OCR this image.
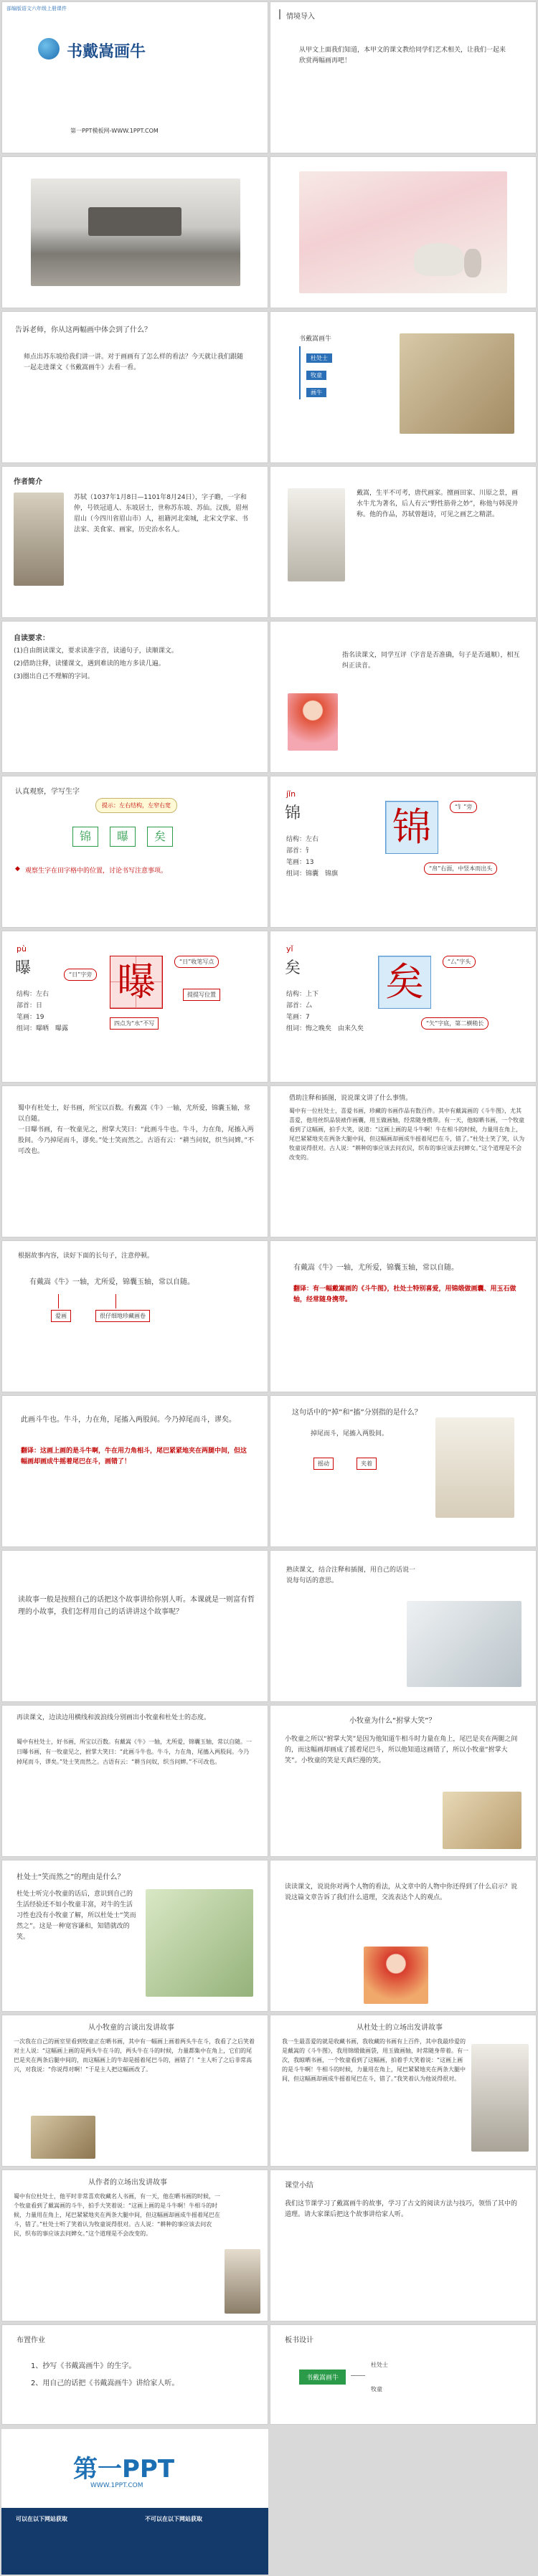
部编版语文六年级上册课件
书戴嵩画牛
第一PPT模板网-WWW.1PPT.COM
情境导入
从甲文上面我们知道，本甲文的课文教给同学们艺术相关，让我们一起来欣赏两幅画再吧！
告诉老师，你从这两幅画中体会到了什么？
师点出苏东坡给我们讲一讲。对于画画有了怎么样的看法？今天就让我们跟随一起走进课文《书戴嵩画牛》去看一看。
书戴嵩画牛
杜处士
牧童
画牛
作者简介
苏轼（1037年1月8日—1101年8月24日），字子瞻，一字和仲，号铁冠道人、东坡居士，世称苏东坡、苏仙。汉族，眉州眉山（今四川省眉山市）人，祖籍河北栾城，北宋文学家、书法家、美食家、画家，历史治水名人。
戴嵩，生平不可考，唐代画家。擅画田家、川原之景，画水牛尤为著名，后人有云“野性筋骨之妙”，称他与韩滉并称。他的作品，苏轼曾题诗，可见之画艺之精湛。
自读要求：
(1)自由朗读课文，要求读准字音，读通句子，读顺课文。
(2)借助注释，读懂课文，遇到难读的地方多读几遍。
(3)圈出自己不理解的字词。
指名读课文，同学互评（字音是否准确，句子是否通顺），相互纠正读音。
认真观察，学写生字
提示：左右结构，左窄右宽
锦	曝	矣
◆ 观察生字在田字格中的位置，讨论书写注意事项。
jǐn
锦
结构：左右
部首：钅
笔画：13
组词：锦囊　锦旗
锦	“钅”旁
“帛”右面，中竖本而出头
pù
曝
结构：左右
部首：日
笔画：19
组词：曝晒　曝露
曝
“日”字旁
“日”收笔写点
提提写位置
四点为“水”不写
yǐ
矣
结构：上下
部首：厶
笔画：7
组词：悔之晚矣　由来久矣
矣	“厶”字头
“矢”字底，第二横稍长
蜀中有杜处士，好书画，所宝以百数。有戴嵩《牛》一轴，尤所爱，锦囊玉轴，常以自随。
一日曝书画，有一牧童见之，拊掌大笑曰：“此画斗牛也。牛斗，力在角，尾搐入两股间。今乃掉尾而斗，谬矣。”处士笑而然之。古语有云：“耕当问奴，织当问婢。”不可改也。
借助注释和插图，说说课文讲了什么事情。
蜀中有一位杜处士，喜爱书画，珍藏的书画作品有数百件。其中有戴嵩画的《斗牛图》，尤其喜爱，他用丝织品装裱作画囊，用玉做画轴，经常随身携带。有一天，他晾晒书画，一个牧童看到了这幅画，拍手大笑，说道：“这画上画的是斗牛啊！牛在相斗的时候，力量用在角上，尾巴紧紧地夹在两条大腿中间，但这幅画却画成牛摇着尾巴在斗，错了。”杜处士笑了笑，认为牧童说得很对。古人说：“耕种的事应该去问农民，织布的事应该去问婢女。”这个道理是不会改变的。
根据故事内容，读好下面的长句子，注意停顿。
有戴嵩《牛》一轴，尤所爱，锦囊玉轴，常以自随。
爱画	很仔细地珍藏画卷
有戴嵩《牛》一轴，尤所爱，锦囊玉轴，常以自随。
翻译：有一幅戴嵩画的《斗牛图》，杜处士特别喜爱，用锦缎做画囊、用玉石做轴，经常随身携带。
此画斗牛也。牛斗，力在角，尾搐入两股间。今乃掉尾而斗，谬矣。
翻译：这画上画的是斗牛啊，牛在用力角相斗，尾巴紧紧地夹在两腿中间，但这幅画却画成牛摇着尾巴在斗，画错了！
这句话中的“掉”和“搐”分别指的是什么？
掉尾而斗，尾搐入两股间。
摇动	夹着
读故事一般是按照自己的话把这个故事讲给你别人听。本课就是一则富有哲理的小故事，我们怎样用自己的话讲讲这个故事呢？
熟读课文，结合注释和插图，用自己的话说一说每句话的意思。
再读课文，边读边用横线和波浪线分别画出小牧童和杜处士的态度。
蜀中有杜处士，好书画，所宝以百数。有戴嵩《牛》一轴，尤所爱，锦囊玉轴，常以自随。一日曝书画，有一牧童见之，拊掌大笑曰：“此画斗牛也。牛斗，力在角，尾搐入两股间。今乃掉尾而斗，谬矣。”处士笑而然之。古语有云：“耕当问奴，织当问婢。”不可改也。
小牧童为什么“拊掌大笑”？
小牧童之所以“拊掌大笑”是因为他知道牛相斗时力量在角上，尾巴是夹在两腿之间的，而这幅画却画成了摇着尾巴斗，所以他知道这画错了，所以小牧童“拊掌大笑”。小牧童的笑是天真烂漫的笑。
杜处士“笑而然之”的理由是什么？
杜处士听完小牧童的话后，意识到自己的生活经验还不如小牧童丰富，对牛的生活习性也没有小牧童了解，所以杜处士“笑而然之”。这是一种宽容谦和，知错就改的笑。
读读课文，说说你对两个人物的看法，从文章中的人物中你还得到了什么启示？说说这篇文章告诉了我们什么道理，交流表达个人的观点。
从小牧童的言谈出发讲故事
一次我在自己的画室里看到牧童正在晒书画，其中有一幅画上画着两头牛在斗，我看了之后笑着对主人说：“这幅画上画的是两头牛在斗的，两头牛在斗的时候，力量都集中在角上，它们的尾巴是夹在两条后腿中间的，而这幅画上的牛却是摇着尾巴斗的，画错了！”主人听了之后非常高兴，对我说：“你说得对啊！”于是主人把这幅画改了。
从杜处士的立场出发讲故事
我一生最喜爱的就是收藏书画，我收藏的书画有上百件，其中我最珍爱的是戴嵩的《斗牛图》，我用锦缎做画袋，用玉做画轴，时常随身带着。有一次，我晾晒书画，一个牧童看到了这幅画，拍着手大笑着说：“这画上画的是斗牛啊！牛相斗的时候，力量用在角上，尾巴紧紧地夹在两条大腿中间，但这幅画却画成牛摇着尾巴在斗，错了。”我笑着认为他说得很对。
从作者的立场出发讲故事
蜀中有位杜处士，他平时非常喜欢收藏名人书画，有一天，他在晒书画的时候，一个牧童看到了戴嵩画的斗牛，拍手大笑着说：“这画上画的是斗牛啊！牛相斗的时候，力量用在角上，尾巴紧紧地夹在两条大腿中间，但这幅画却画成牛摇着尾巴在斗，错了。”杜处士听了笑着认为牧童说得很对。古人说：“耕种的事应该去问农民，织布的事应该去问婢女。”这个道理是不会改变的。
课堂小结
我们这节课学习了戴嵩画牛的故事，学习了古文的阅读方法与技巧，领悟了其中的道理。请大家课后把这个故事讲给家人听。
布置作业
1、抄写《书戴嵩画牛》的生字。
2、用自己的话把《书戴嵩画牛》讲给家人听。
板书设计
书戴嵩画牛
杜处士
牧童
第一PPT
WWW.1PPT.COM
可以在以下网站获取	不可以在以下网站获取
